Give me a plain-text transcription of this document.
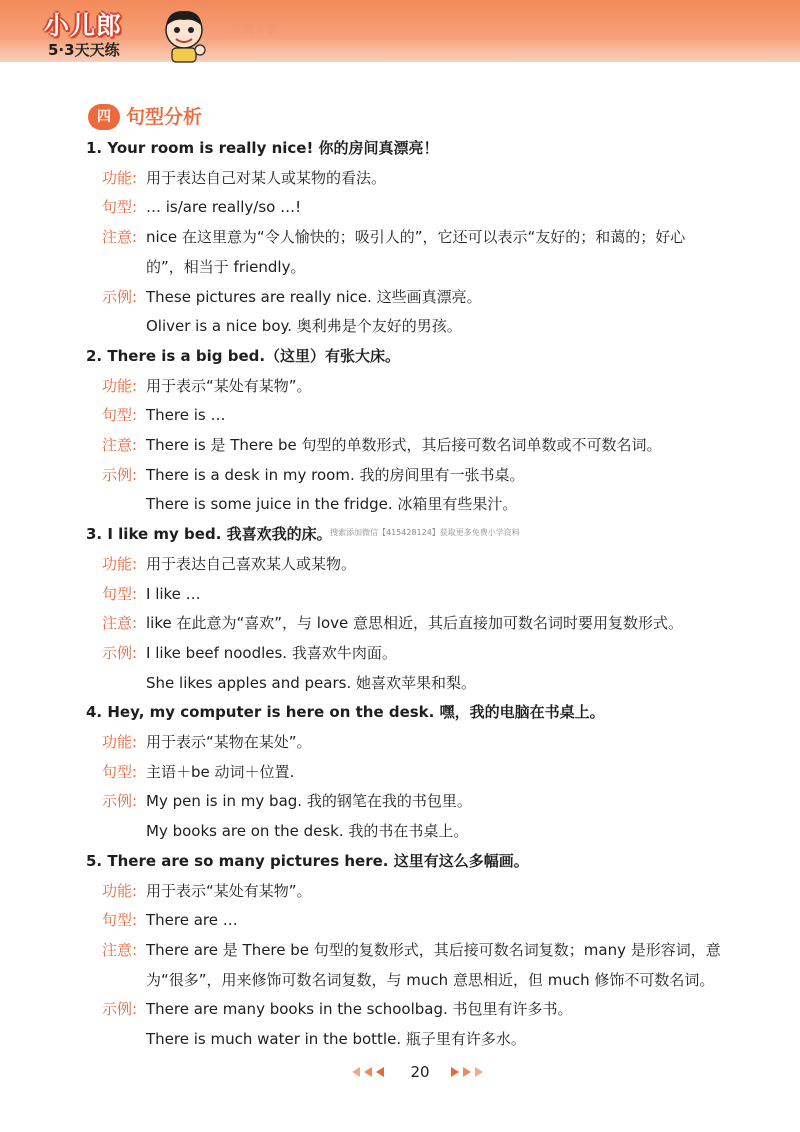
小儿郎
5·3天天练
三年级下册
四 句型分析
1. Your room is really nice! 你的房间真漂亮！
功能: 用于表达自己对某人或某物的看法。
句型: … is/are really/so …!
注意: nice 在这里意为“令人愉快的；吸引人的”，它还可以表示“友好的；和蔼的；好心
的”，相当于 friendly。
示例: These pictures are really nice. 这些画真漂亮。
Oliver is a nice boy. 奥利弗是个友好的男孩。
2. There is a big bed.（这里）有张大床。
功能: 用于表示“某处有某物”。
句型: There is …
注意: There is 是 There be 句型的单数形式，其后接可数名词单数或不可数名词。
示例: There is a desk in my room. 我的房间里有一张书桌。
There is some juice in the fridge. 冰箱里有些果汁。
3. I like my bed. 我喜欢我的床。
功能: 用于表达自己喜欢某人或某物。
句型: I like …
注意: like 在此意为“喜欢”，与 love 意思相近，其后直接加可数名词时要用复数形式。
示例: I like beef noodles. 我喜欢牛肉面。
She likes apples and pears. 她喜欢苹果和梨。
4. Hey, my computer is here on the desk. 嘿，我的电脑在书桌上。
功能: 用于表示“某物在某处”。
句型: 主语＋be 动词＋位置.
示例: My pen is in my bag. 我的钢笔在我的书包里。
My books are on the desk. 我的书在书桌上。
5. There are so many pictures here. 这里有这么多幅画。
功能: 用于表示“某处有某物”。
句型: There are …
注意: There are 是 There be 句型的复数形式，其后接可数名词复数；many 是形容词，意
为“很多”，用来修饰可数名词复数，与 much 意思相近，但 much 修饰不可数名词。
示例: There are many books in the schoolbag. 书包里有许多书。
There is much water in the bottle. 瓶子里有许多水。
搜索添加微信【415428124】获取更多免费小学资料
20
